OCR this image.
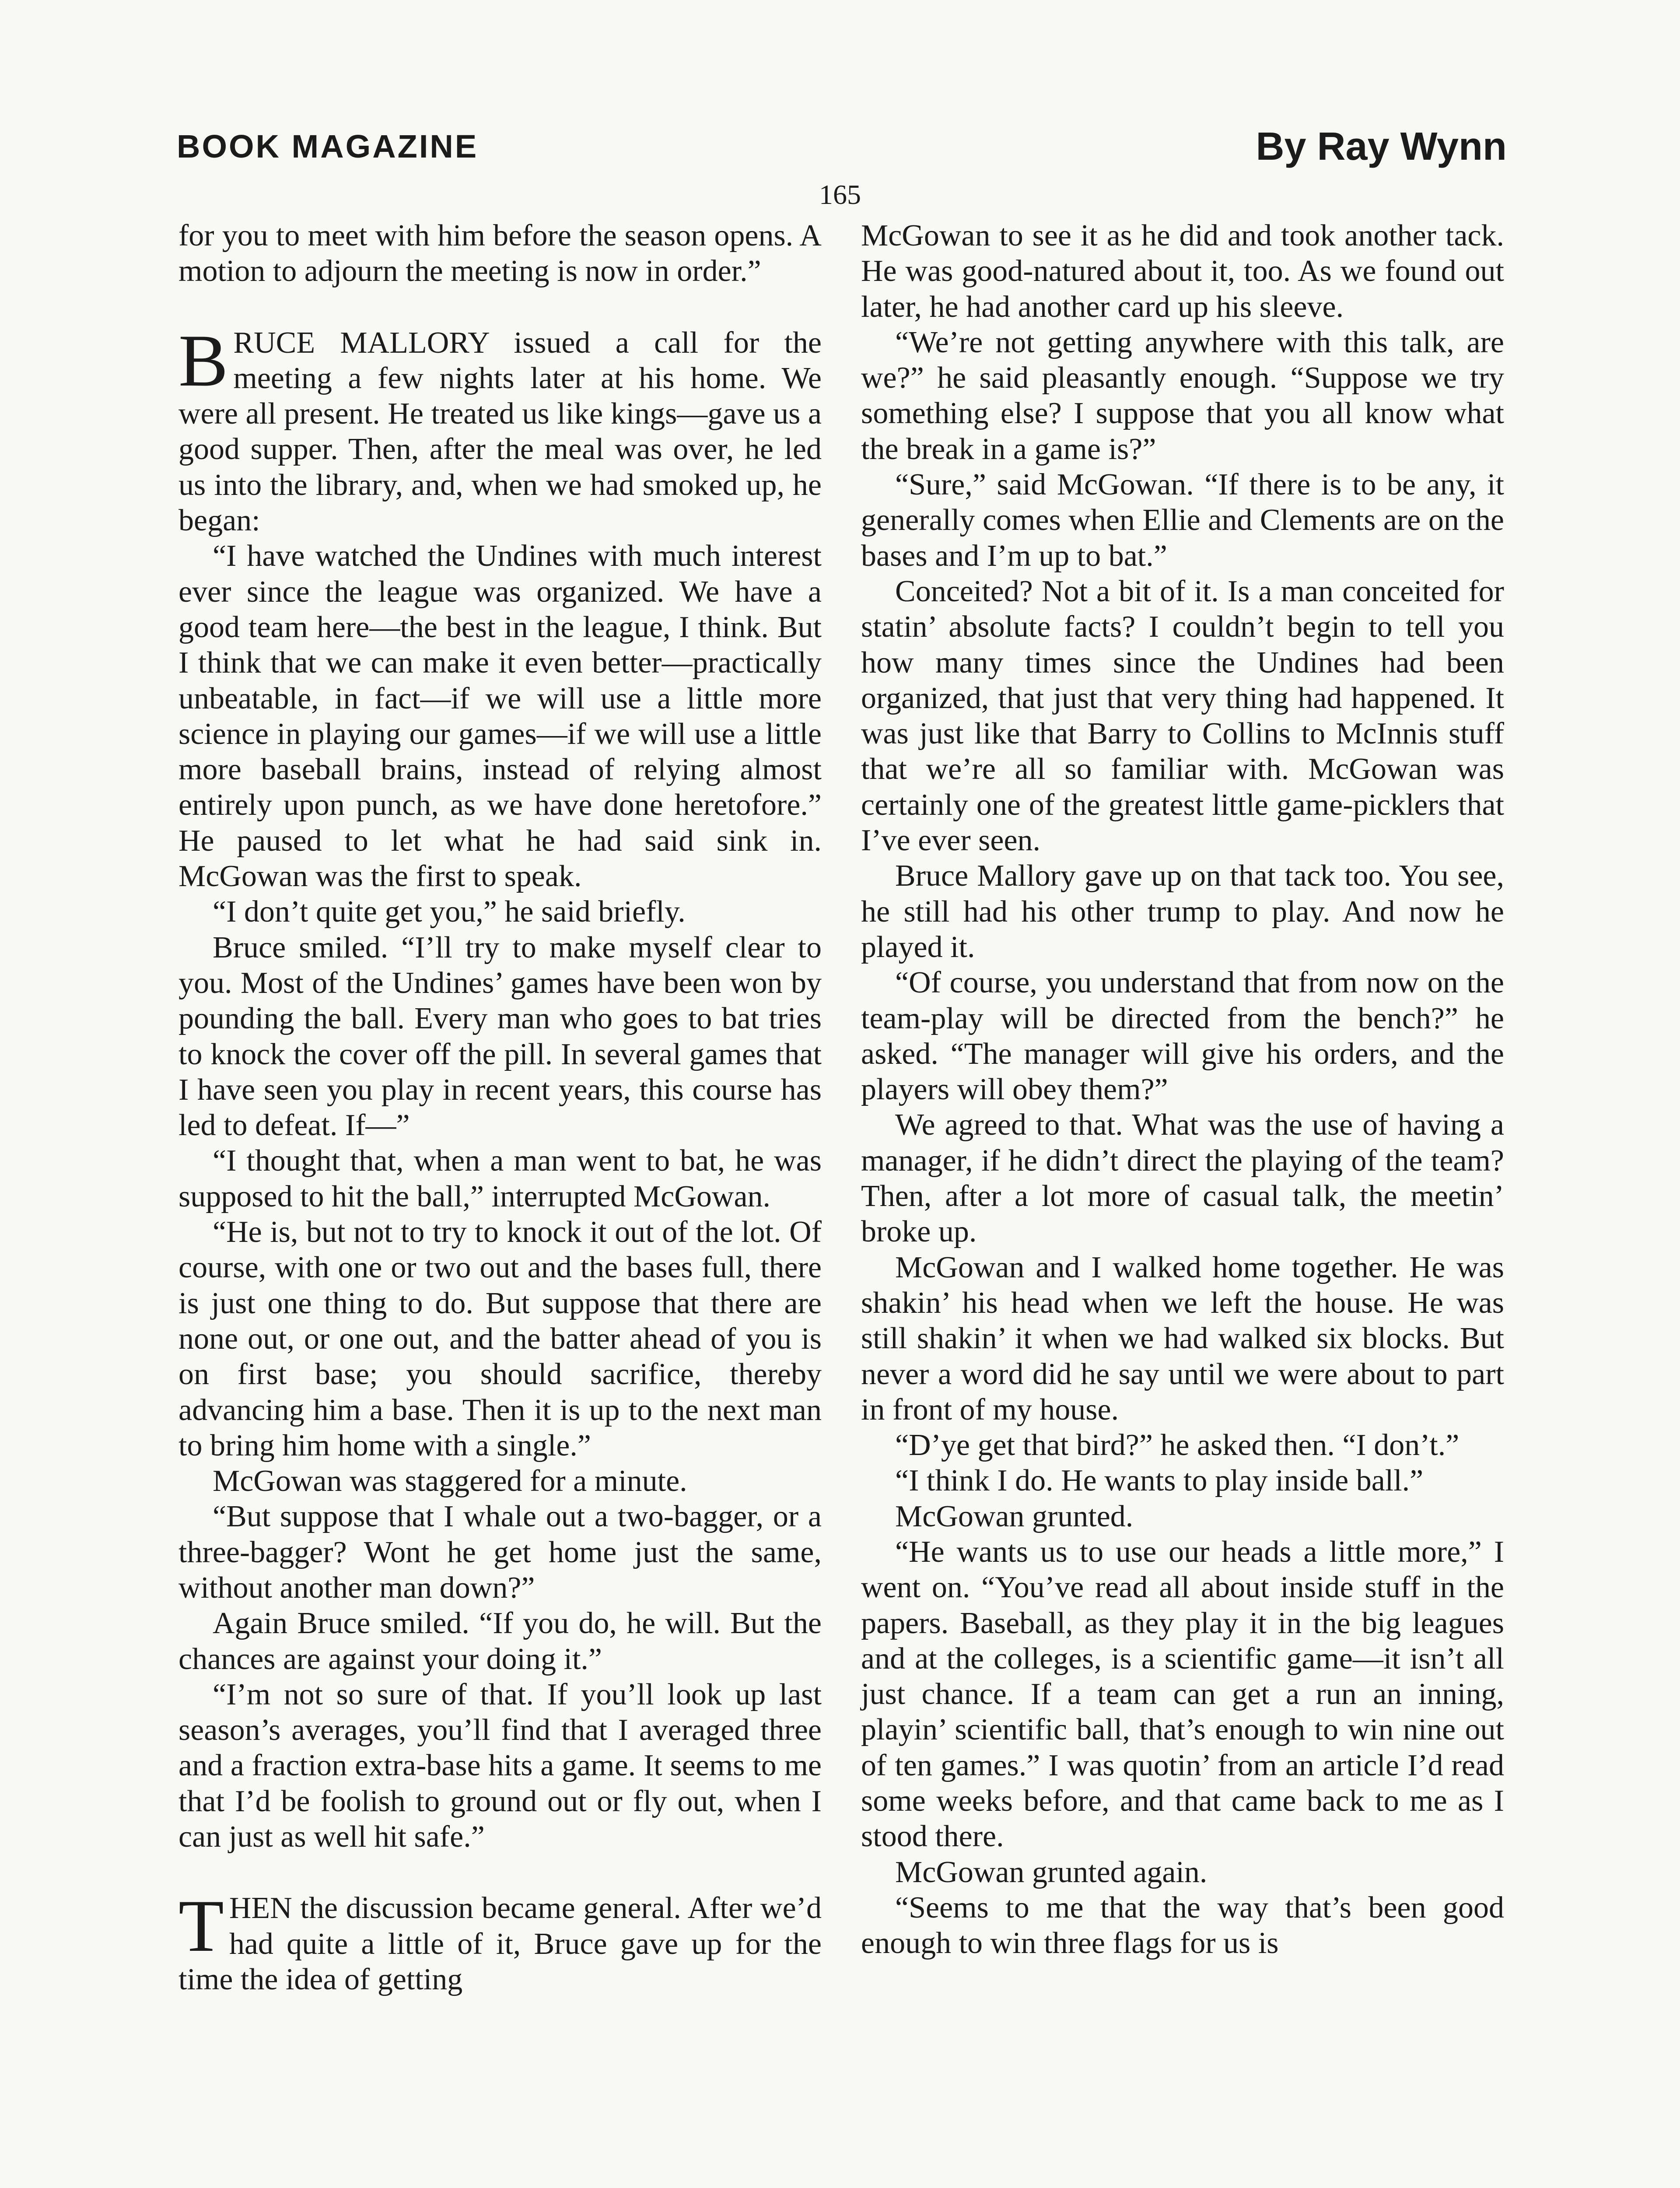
BOOK MAGAZINE	By Ray Wynn
165

for you to meet with him before the season opens. A motion to adjourn the meeting is now in order.”

BRUCE MALLORY issued a call for the meeting a few nights later at his home. We were all present. He treated us like kings—gave us a good supper. Then, after the meal was over, he led us into the library, and, when we had smoked up, he began:

“I have watched the Undines with much interest ever since the league was organized. We have a good team here—the best in the league, I think. But I think that we can make it even better—practically unbeatable, in fact—if we will use a little more science in playing our games—if we will use a little more baseball brains, instead of relying almost entirely upon punch, as we have done heretofore.” He paused to let what he had said sink in. McGowan was the first to speak.

“I don’t quite get you,” he said briefly.

Bruce smiled. “I’ll try to make myself clear to you. Most of the Undines’ games have been won by pounding the ball. Every man who goes to bat tries to knock the cover off the pill. In several games that I have seen you play in recent years, this course has led to defeat. If—”

“I thought that, when a man went to bat, he was supposed to hit the ball,” interrupted McGowan.

“He is, but not to try to knock it out of the lot. Of course, with one or two out and the bases full, there is just one thing to do. But suppose that there are none out, or one out, and the batter ahead of you is on first base; you should sacrifice, thereby advancing him a base. Then it is up to the next man to bring him home with a single.”

McGowan was staggered for a minute.

“But suppose that I whale out a two-bagger, or a three-bagger? Wont he get home just the same, without another man down?”

Again Bruce smiled. “If you do, he will. But the chances are against your doing it.”

“I’m not so sure of that. If you’ll look up last season’s averages, you’ll find that I averaged three and a fraction extra-base hits a game. It seems to me that I’d be foolish to ground out or fly out, when I can just as well hit safe.”

THEN the discussion became general. After we’d had quite a little of it, Bruce gave up for the time the idea of getting

McGowan to see it as he did and took another tack. He was good-natured about it, too. As we found out later, he had another card up his sleeve.

“We’re not getting anywhere with this talk, are we?” he said pleasantly enough. “Suppose we try something else? I suppose that you all know what the break in a game is?”

“Sure,” said McGowan. “If there is to be any, it generally comes when Ellie and Clements are on the bases and I’m up to bat.”

Conceited? Not a bit of it. Is a man conceited for statin’ absolute facts? I couldn’t begin to tell you how many times since the Undines had been organized, that just that very thing had happened. It was just like that Barry to Collins to McInnis stuff that we’re all so familiar with. McGowan was certainly one of the greatest little game-picklers that I’ve ever seen.

Bruce Mallory gave up on that tack too. You see, he still had his other trump to play. And now he played it.

“Of course, you understand that from now on the team-play will be directed from the bench?” he asked. “The manager will give his orders, and the players will obey them?”

We agreed to that. What was the use of having a manager, if he didn’t direct the playing of the team? Then, after a lot more of casual talk, the meetin’ broke up.

McGowan and I walked home together. He was shakin’ his head when we left the house. He was still shakin’ it when we had walked six blocks. But never a word did he say until we were about to part in front of my house.

“D’ye get that bird?” he asked then. “I don’t.”

“I think I do. He wants to play inside ball.”

McGowan grunted.

“He wants us to use our heads a little more,” I went on. “You’ve read all about inside stuff in the papers. Baseball, as they play it in the big leagues and at the colleges, is a scientific game—it isn’t all just chance. If a team can get a run an inning, playin’ scientific ball, that’s enough to win nine out of ten games.” I was quotin’ from an article I’d read some weeks before, and that came back to me as I stood there.

McGowan grunted again.

“Seems to me that the way that’s been good enough to win three flags for us is
